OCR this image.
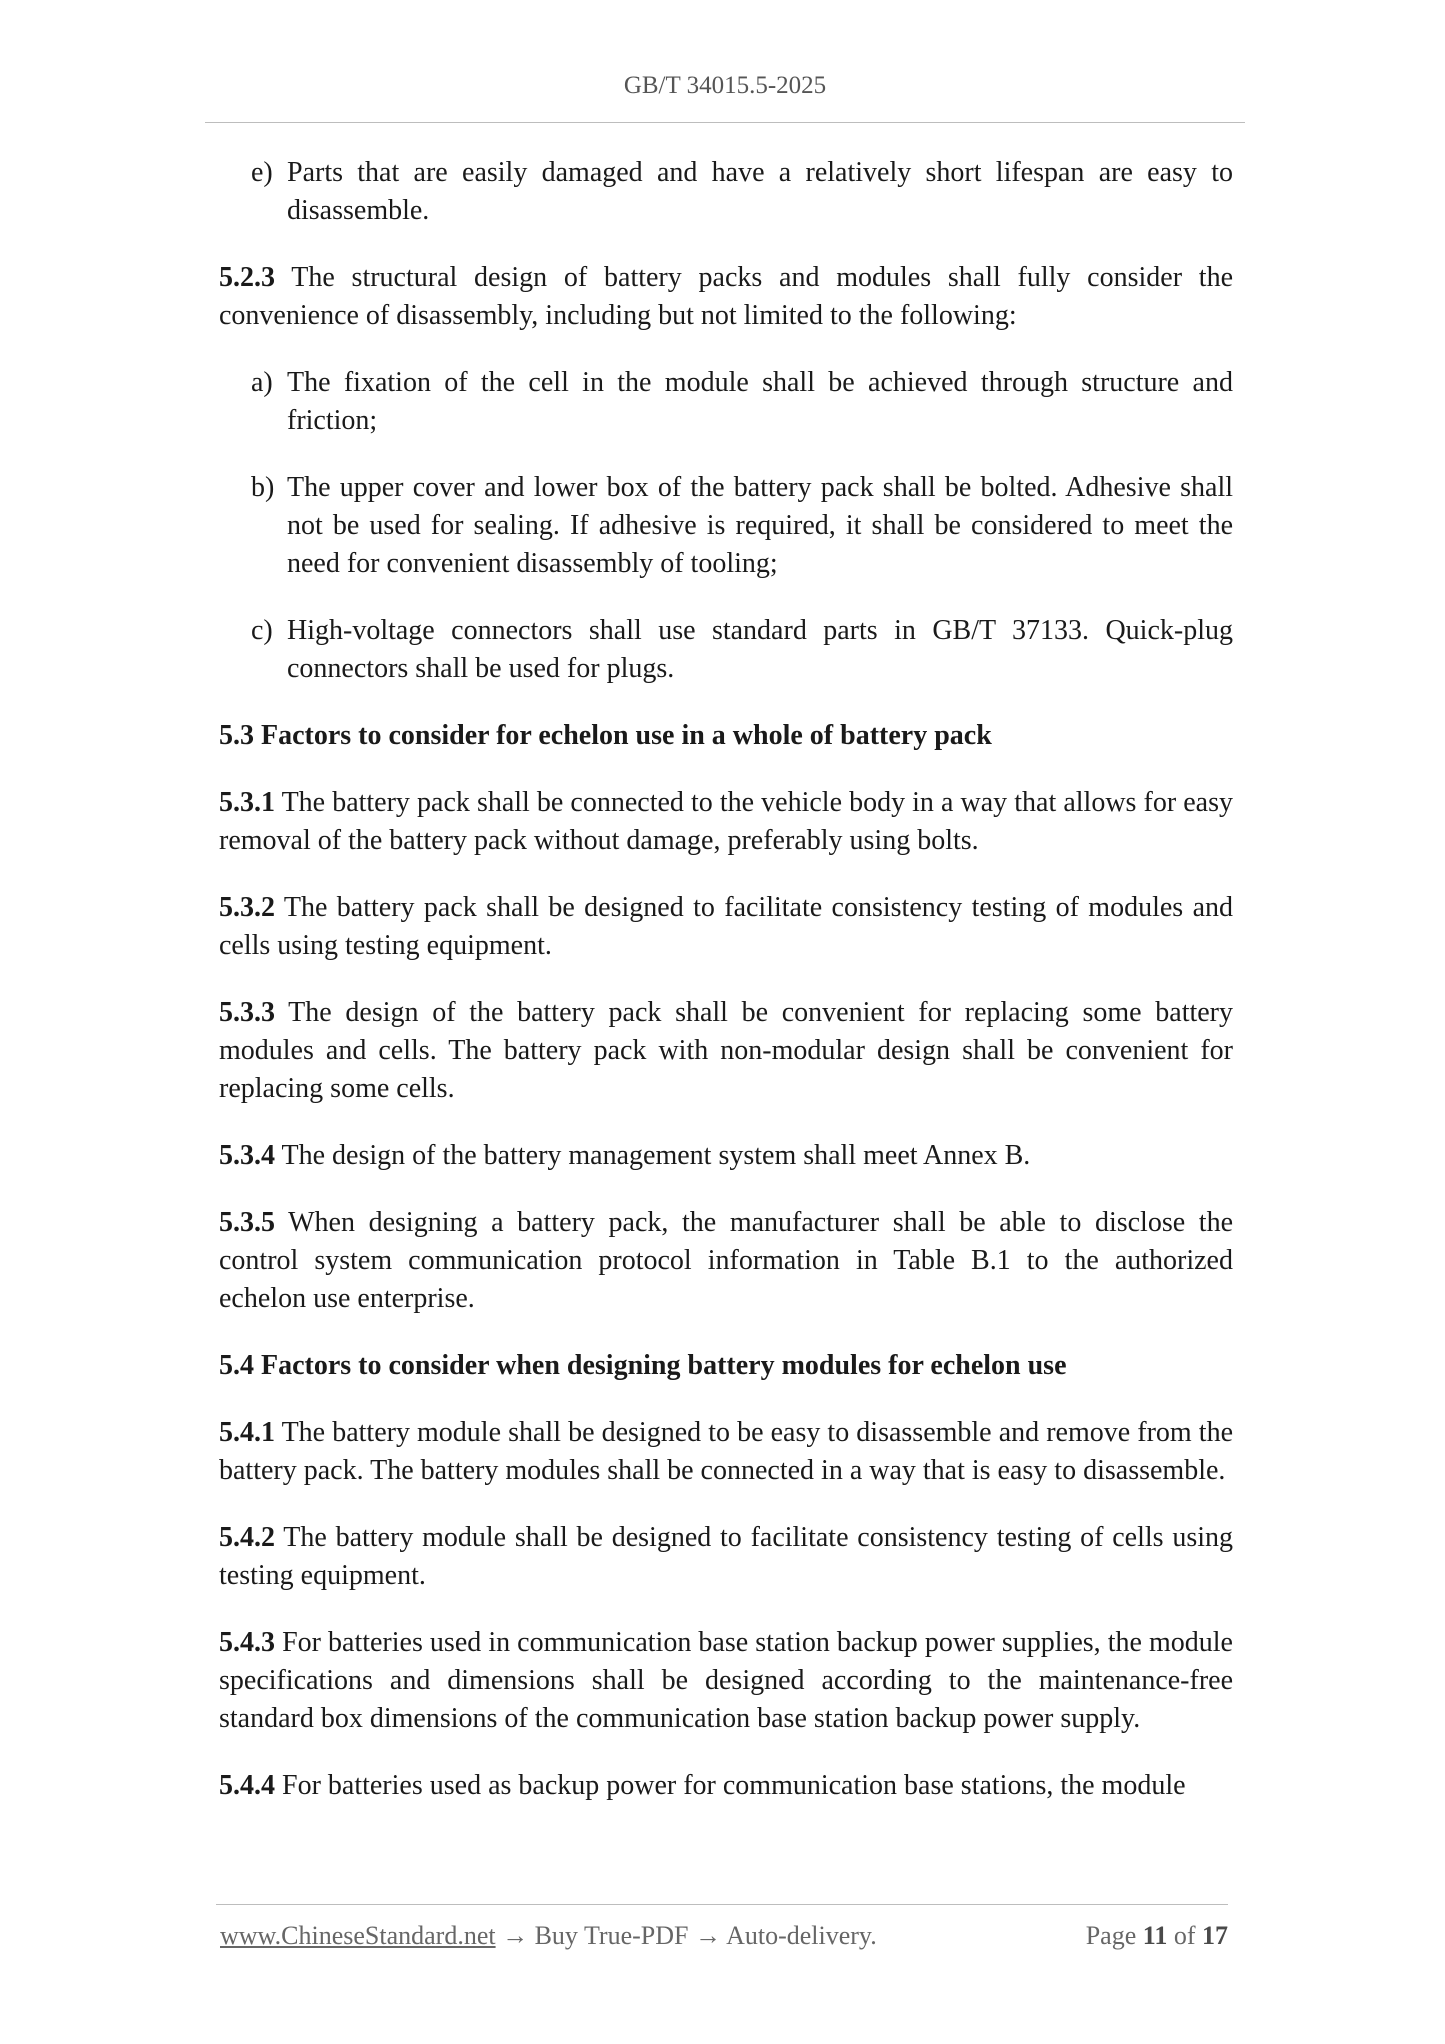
GB/T 34015.5-2025

e) Parts that are easily damaged and have a relatively short lifespan are easy to disassemble.

5.2.3 The structural design of battery packs and modules shall fully consider the convenience of disassembly, including but not limited to the following:

a) The fixation of the cell in the module shall be achieved through structure and friction;

b) The upper cover and lower box of the battery pack shall be bolted. Adhesive shall not be used for sealing. If adhesive is required, it shall be considered to meet the need for convenient disassembly of tooling;

c) High-voltage connectors shall use standard parts in GB/T 37133. Quick-plug connectors shall be used for plugs.

5.3 Factors to consider for echelon use in a whole of battery pack

5.3.1 The battery pack shall be connected to the vehicle body in a way that allows for easy removal of the battery pack without damage, preferably using bolts.

5.3.2 The battery pack shall be designed to facilitate consistency testing of modules and cells using testing equipment.

5.3.3 The design of the battery pack shall be convenient for replacing some battery modules and cells. The battery pack with non-modular design shall be convenient for replacing some cells.

5.3.4 The design of the battery management system shall meet Annex B.

5.3.5 When designing a battery pack, the manufacturer shall be able to disclose the control system communication protocol information in Table B.1 to the authorized echelon use enterprise.

5.4 Factors to consider when designing battery modules for echelon use

5.4.1 The battery module shall be designed to be easy to disassemble and remove from the battery pack. The battery modules shall be connected in a way that is easy to disassemble.

5.4.2 The battery module shall be designed to facilitate consistency testing of cells using testing equipment.

5.4.3 For batteries used in communication base station backup power supplies, the module specifications and dimensions shall be designed according to the maintenance-free standard box dimensions of the communication base station backup power supply.

5.4.4 For batteries used as backup power for communication base stations, the module

www.ChineseStandard.net → Buy True-PDF → Auto-delivery.	Page 11 of 17
